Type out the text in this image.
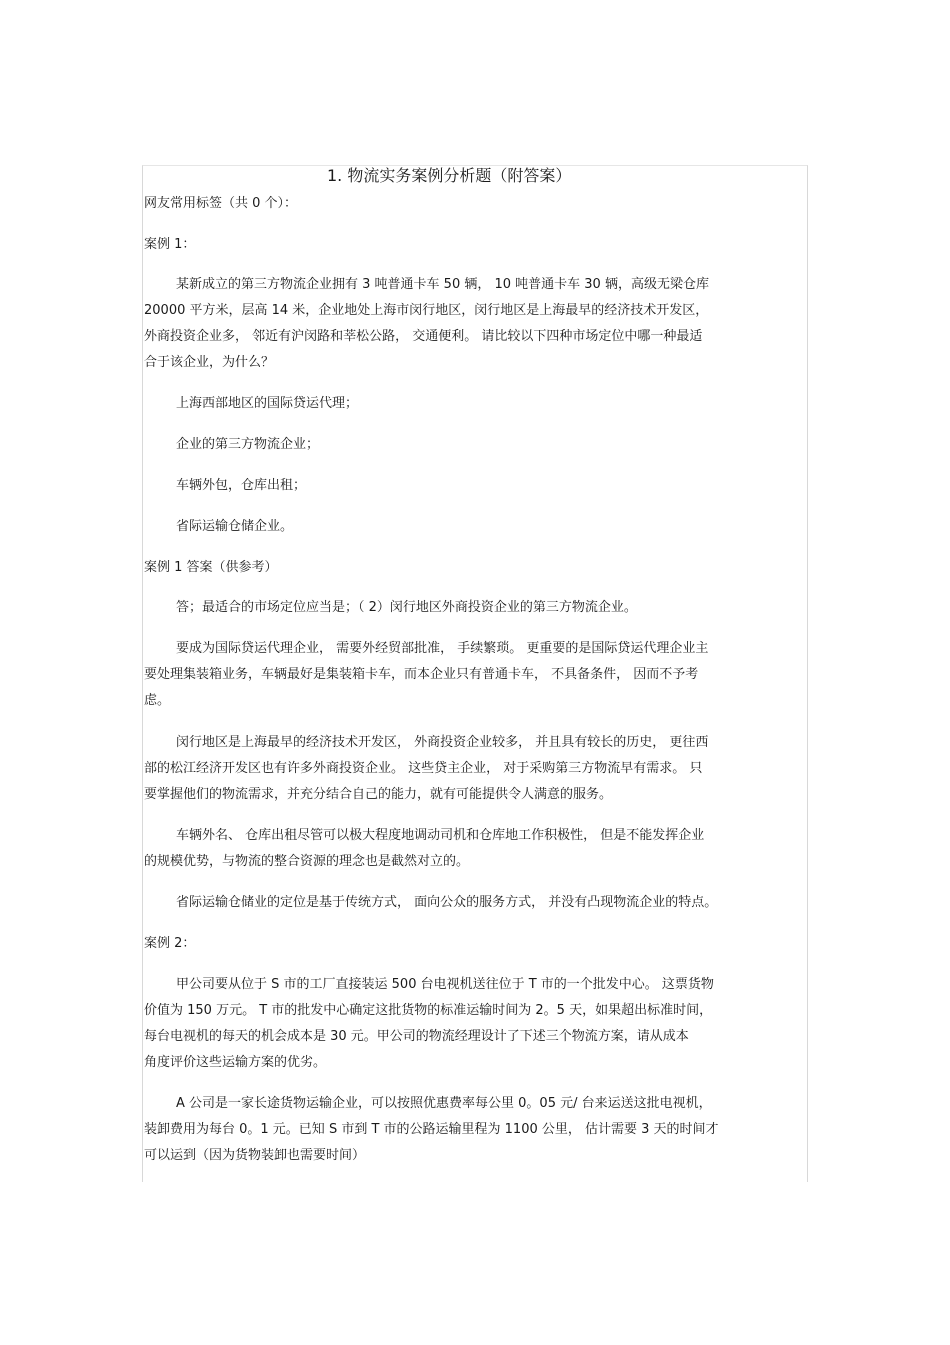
1. 物流实务案例分析题（附答案）
网友常用标签（共 0 个）：
案例 1：
某新成立的第三方物流企业拥有 3 吨普通卡车 50 辆， 10 吨普通卡车 30 辆，高级无梁仓库
20000 平方米，层高 14 米，企业地处上海市闵行地区，闵行地区是上海最早的经济技术开发区，
外商投资企业多， 邻近有沪闵路和莘松公路， 交通便利。 请比较以下四种市场定位中哪一种最适
合于该企业，为什么？
上海西部地区的国际贷运代理；
企业的第三方物流企业；
车辆外包，仓库出租；
省际运输仓储企业。
案例 1 答案（供参考）
答；最适合的市场定位应当是；（ 2）闵行地区外商投资企业的第三方物流企业。
要成为国际贷运代理企业， 需要外经贸部批准， 手续繁琐。 更重要的是国际贷运代理企业主
要处理集装箱业务，车辆最好是集装箱卡车，而本企业只有普通卡车， 不具备条件， 因而不予考
虑。
闵行地区是上海最早的经济技术开发区， 外商投资企业较多， 并且具有较长的历史， 更往西
部的松江经济开发区也有许多外商投资企业。 这些贷主企业， 对于采购第三方物流早有需求。 只
要掌握他们的物流需求，并充分结合自己的能力，就有可能提供令人满意的服务。
车辆外名、 仓库出租尽管可以极大程度地调动司机和仓库地工作积极性， 但是不能发挥企业
的规模优势，与物流的整合资源的理念也是截然对立的。
省际运输仓储业的定位是基于传统方式， 面向公众的服务方式， 并没有凸现物流企业的特点。
案例 2：
甲公司要从位于 S 市的工厂直接装运 500 台电视机送往位于 T 市的一个批发中心。 这票货物
价值为 150 万元。 T 市的批发中心确定这批货物的标准运输时间为 2。5 天，如果超出标准时间，
每台电视机的每天的机会成本是 30 元。甲公司的物流经理设计了下述三个物流方案，请从成本
角度评价这些运输方案的优劣。
A 公司是一家长途货物运输企业，可以按照优惠费率每公里 0。05 元/ 台来运送这批电视机，
装卸费用为每台 0。1 元。已知 S 市到 T 市的公路运输里程为 1100 公里， 估计需要 3 天的时间才
可以运到（因为货物装卸也需要时间）
